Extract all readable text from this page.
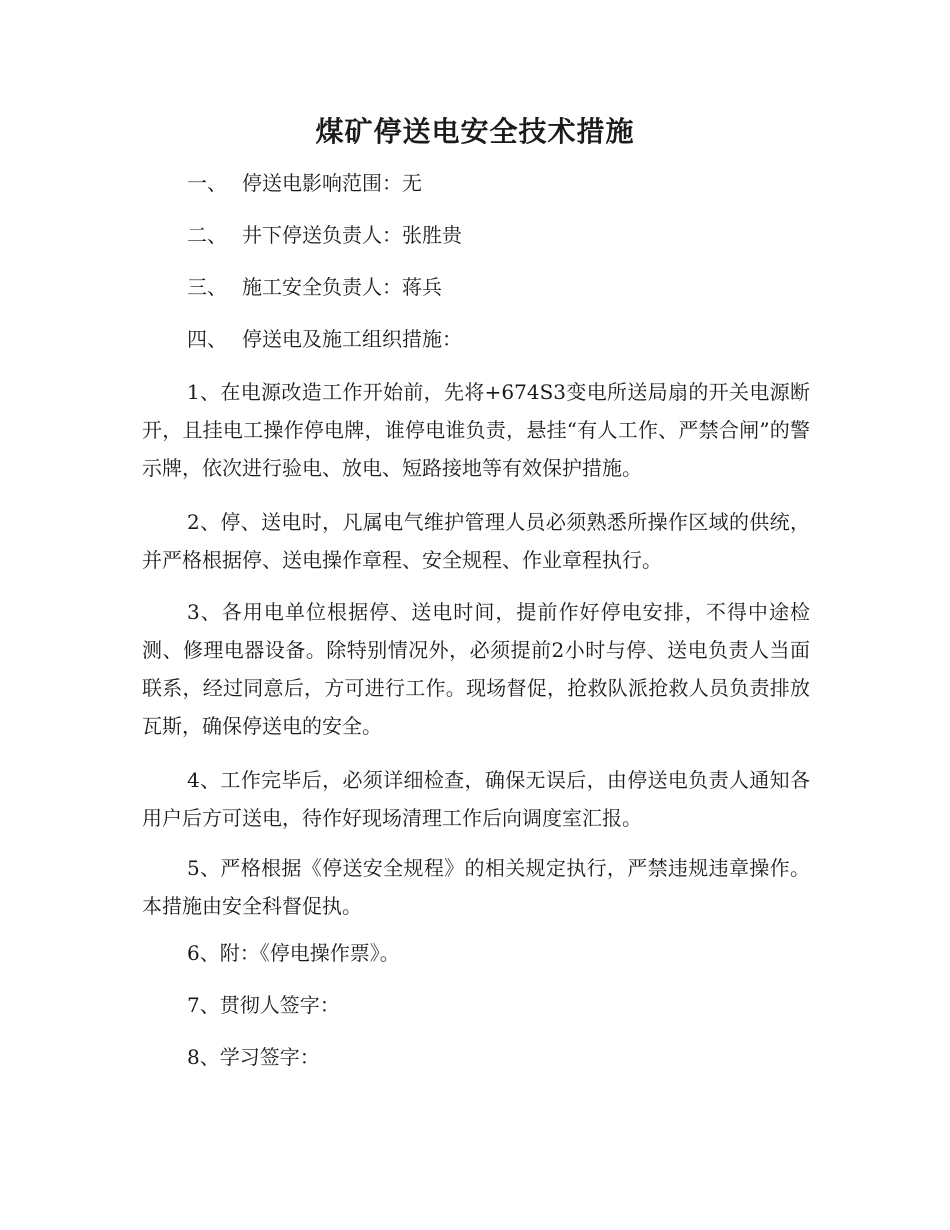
煤矿停送电安全技术措施
一、 停送电影响范围：无
二、 井下停送负责人：张胜贵
三、 施工安全负责人：蒋兵
四、 停送电及施工组织措施：
1、在电源改造工作开始前，先将+674S3变电所送局扇的开关电源断开，且挂电工操作停电牌，谁停电谁负责，悬挂“有人工作、严禁合闸”的警示牌，依次进行验电、放电、短路接地等有效保护措施。
2、停、送电时，凡属电气维护管理人员必须熟悉所操作区域的供统，并严格根据停、送电操作章程、安全规程、作业章程执行。
3、各用电单位根据停、送电时间，提前作好停电安排，不得中途检测、修理电器设备。除特别情况外，必须提前2小时与停、送电负责人当面联系，经过同意后，方可进行工作。现场督促，抢救队派抢救人员负责排放瓦斯，确保停送电的安全。
4、工作完毕后，必须详细检查，确保无误后，由停送电负责人通知各用户后方可送电，待作好现场清理工作后向调度室汇报。
5、严格根据《停送安全规程》的相关规定执行，严禁违规违章操作。本措施由安全科督促执。
6、附：《停电操作票》。
7、贯彻人签字：
8、学习签字：
